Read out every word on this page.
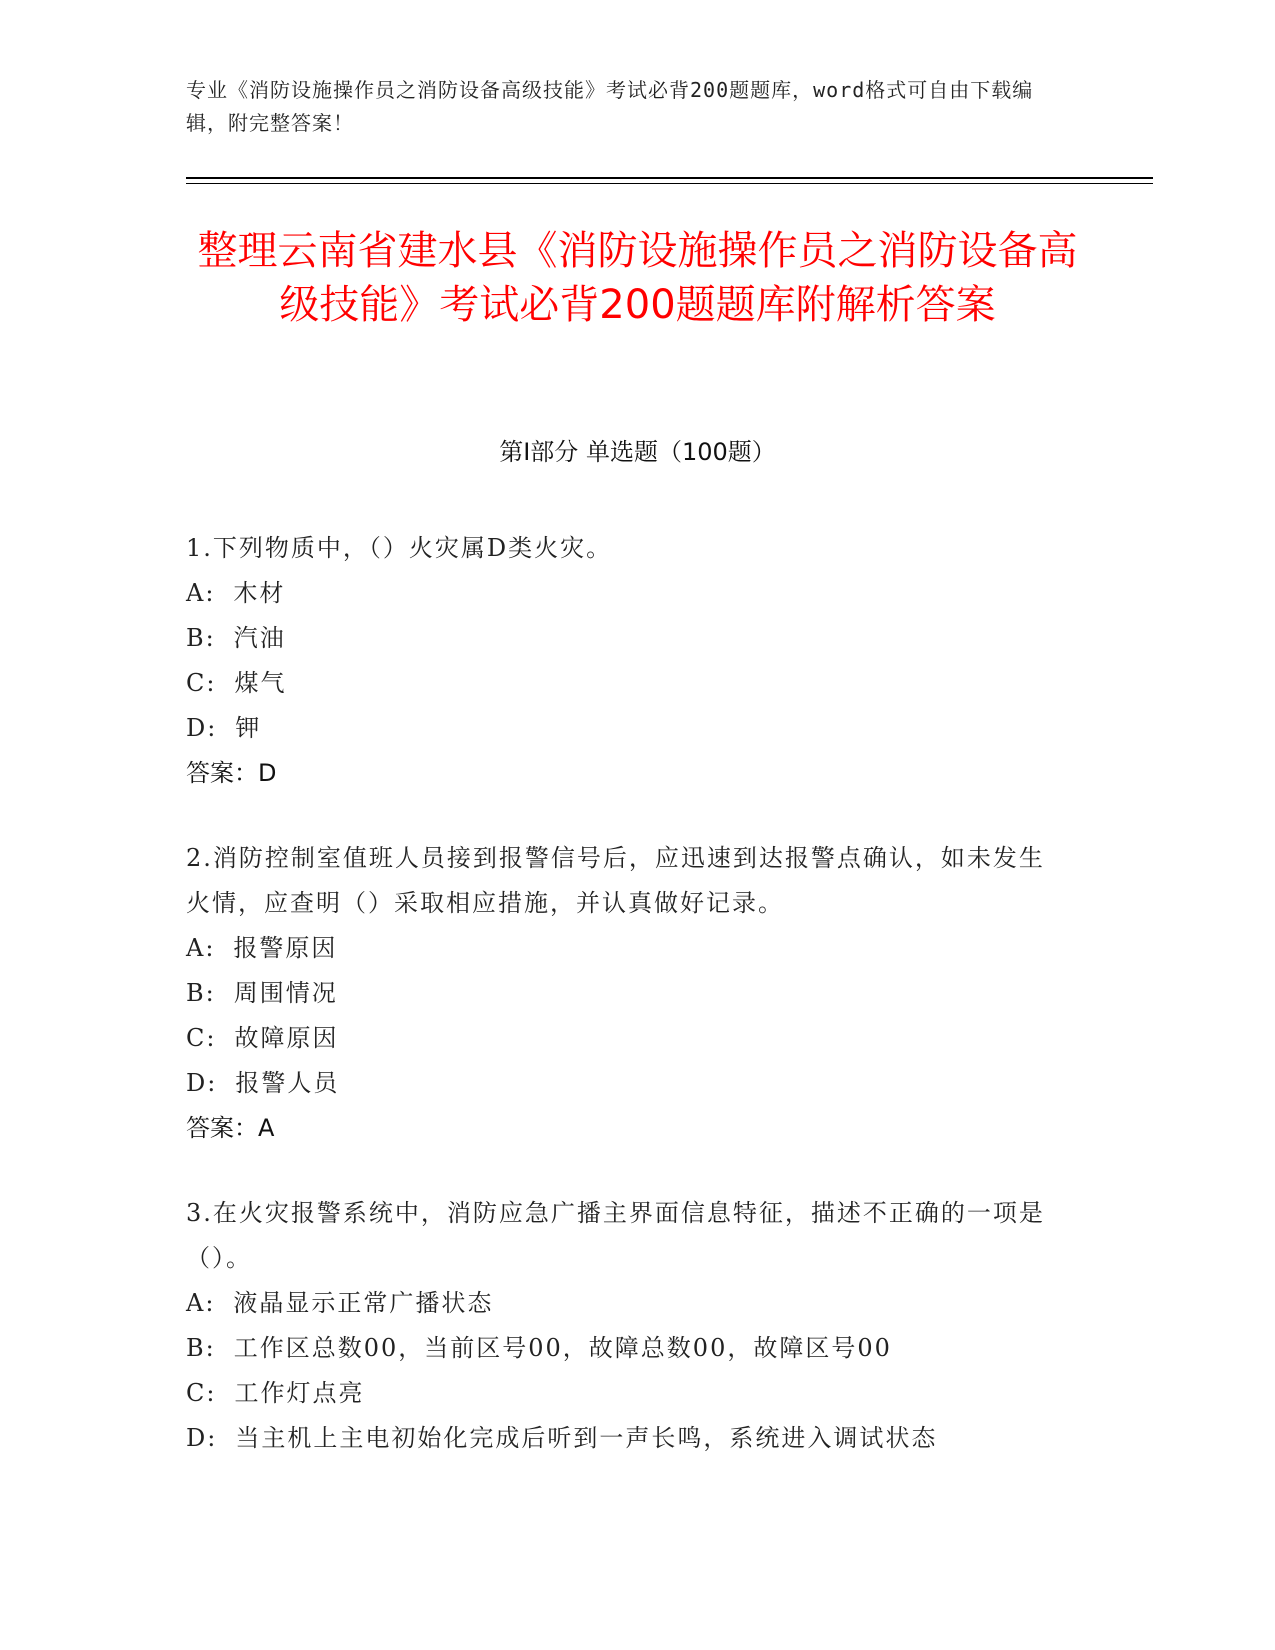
专业《消防设施操作员之消防设备高级技能》考试必背200题题库，word格式可自由下载编辑，附完整答案！
整理云南省建水县《消防设施操作员之消防设备高级技能》考试必背200题题库附解析答案
第I部分 单选题（100题）

1.下列物质中，（）火灾属D类火灾。

A: 木材

B: 汽油

C: 煤气

D: 钾

答案：D

2.消防控制室值班人员接到报警信号后，应迅速到达报警点确认，如未发生火情，应查明（）采取相应措施，并认真做好记录。

A: 报警原因

B: 周围情况

C: 故障原因

D: 报警人员

答案：A

3.在火灾报警系统中，消防应急广播主界面信息特征，描述不正确的一项是（）。

A: 液晶显示正常广播状态

B: 工作区总数00，当前区号00，故障总数00，故障区号00

C: 工作灯点亮

D: 当主机上主电初始化完成后听到一声长鸣，系统进入调试状态
